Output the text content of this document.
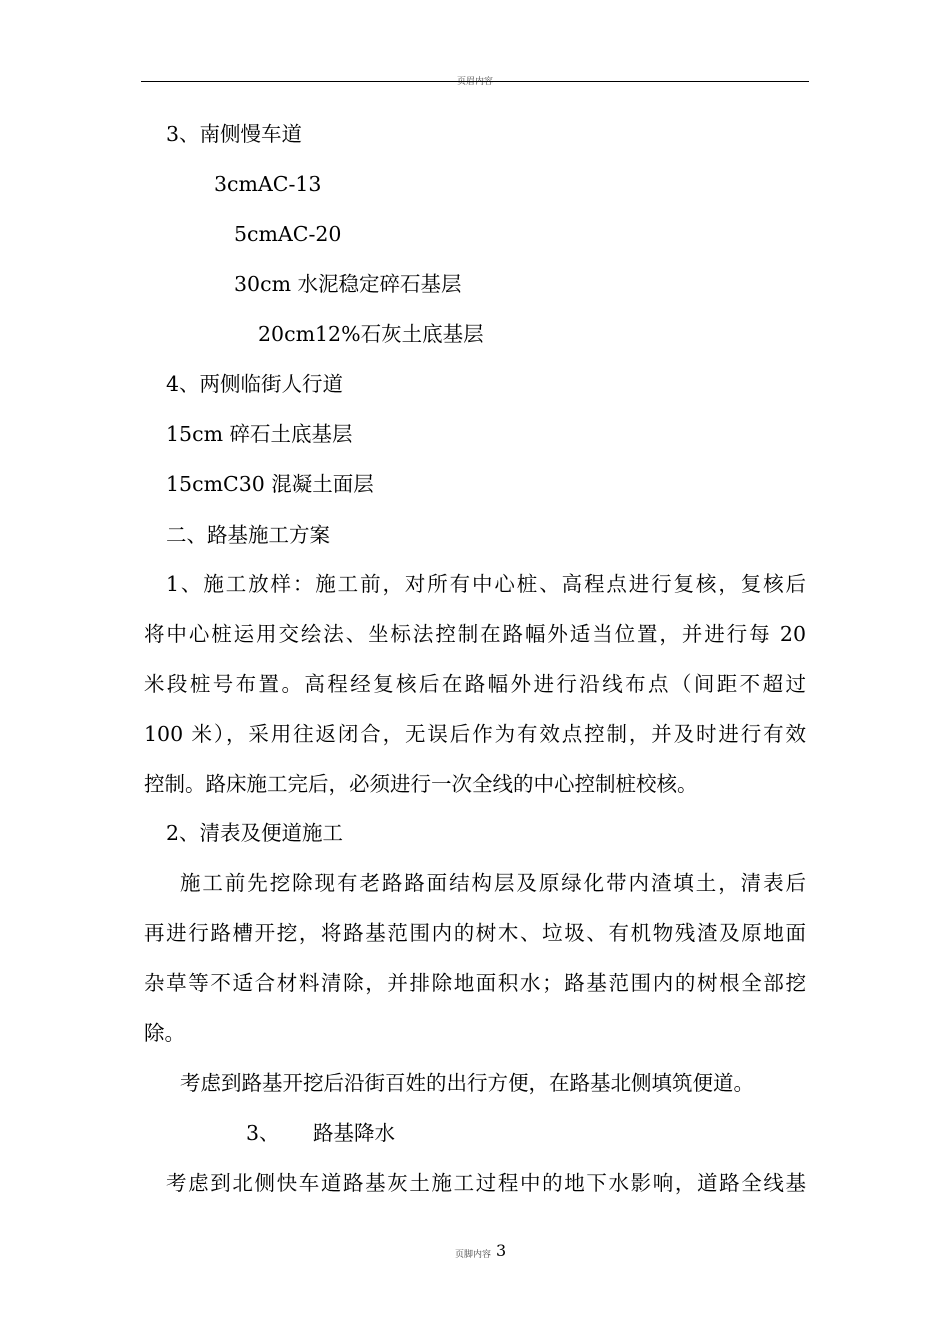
页眉内容
3、南侧慢车道
3cmAC-13
5cmAC-20
30cm 水泥稳定碎石基层
20cm12%石灰土底基层
4、两侧临街人行道
15cm 碎石土底基层
15cmC30 混凝土面层
二、路基施工方案
1、施工放样：施工前，对所有中心桩、高程点进行复核，复核后
将中心桩运用交绘法、坐标法控制在路幅外适当位置，并进行每 20
米段桩号布置。高程经复核后在路幅外进行沿线布点（间距不超过
100 米），采用往返闭合，无误后作为有效点控制，并及时进行有效
控制。路床施工完后，必须进行一次全线的中心控制桩校核。
2、清表及便道施工
施工前先挖除现有老路路面结构层及原绿化带内渣填土，清表后
再进行路槽开挖，将路基范围内的树木、垃圾、有机物残渣及原地面
杂草等不适合材料清除，并排除地面积水；路基范围内的树根全部挖
除。
考虑到路基开挖后沿街百姓的出行方便，在路基北侧填筑便道。
3、 路基降水
考虑到北侧快车道路基灰土施工过程中的地下水影响，道路全线基
页脚内容 3
